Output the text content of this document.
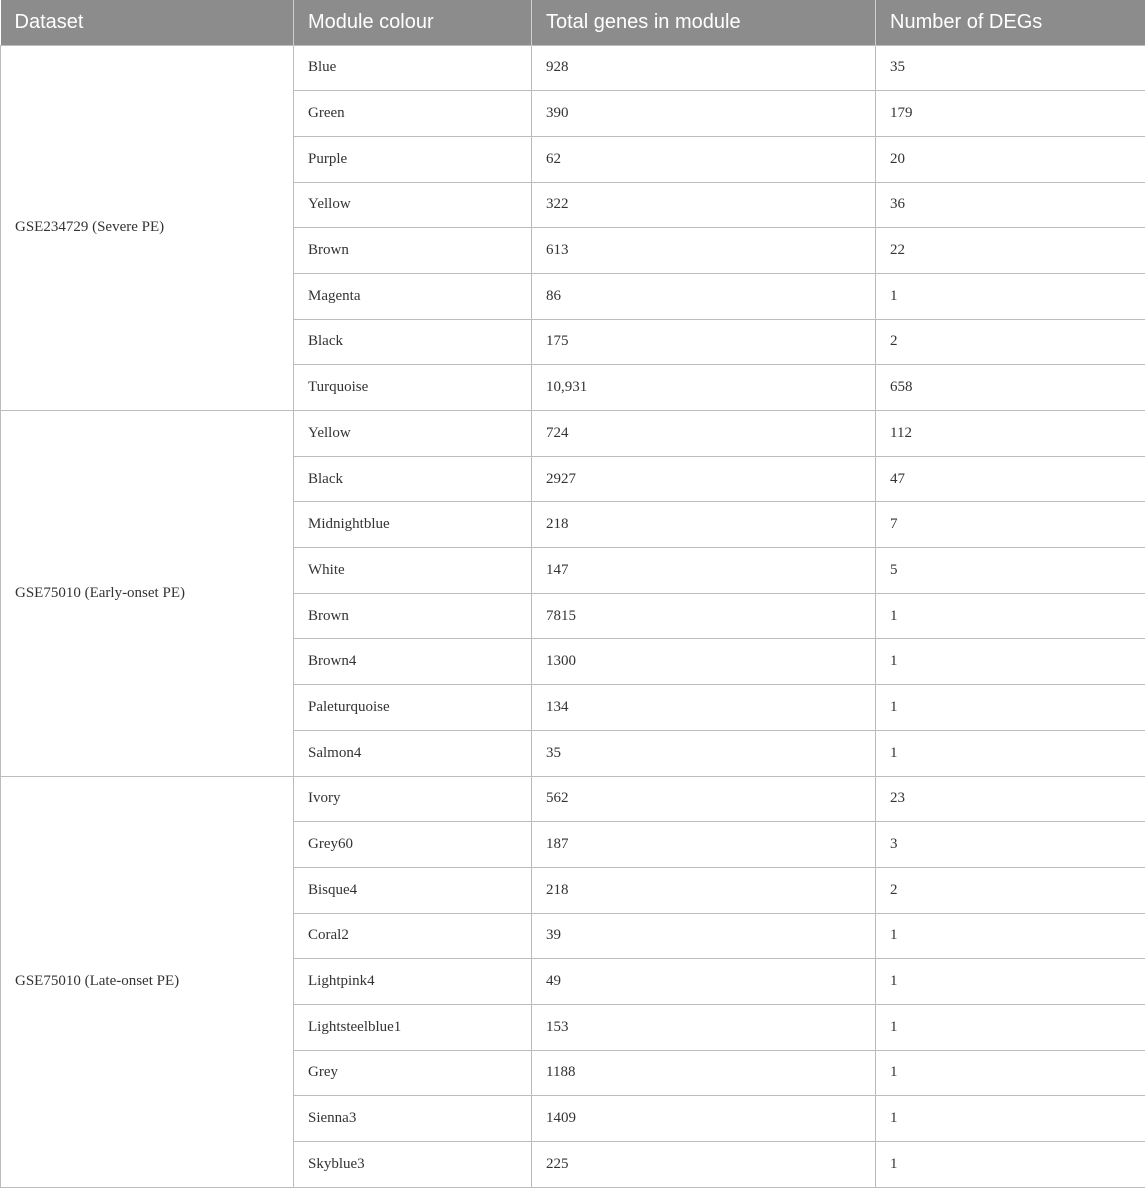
Dataset	Module colour	Total genes in module	Number of DEGs
GSE234729 (Severe PE)	Blue	928	35
	Green	390	179
	Purple	62	20
	Yellow	322	36
	Brown	613	22
	Magenta	86	1
	Black	175	2
	Turquoise	10,931	658
GSE75010 (Early-onset PE)	Yellow	724	112
	Black	2927	47
	Midnightblue	218	7
	White	147	5
	Brown	7815	1
	Brown4	1300	1
	Paleturquoise	134	1
	Salmon4	35	1
GSE75010 (Late-onset PE)	Ivory	562	23
	Grey60	187	3
	Bisque4	218	2
	Coral2	39	1
	Lightpink4	49	1
	Lightsteelblue1	153	1
	Grey	1188	1
	Sienna3	1409	1
	Skyblue3	225	1
